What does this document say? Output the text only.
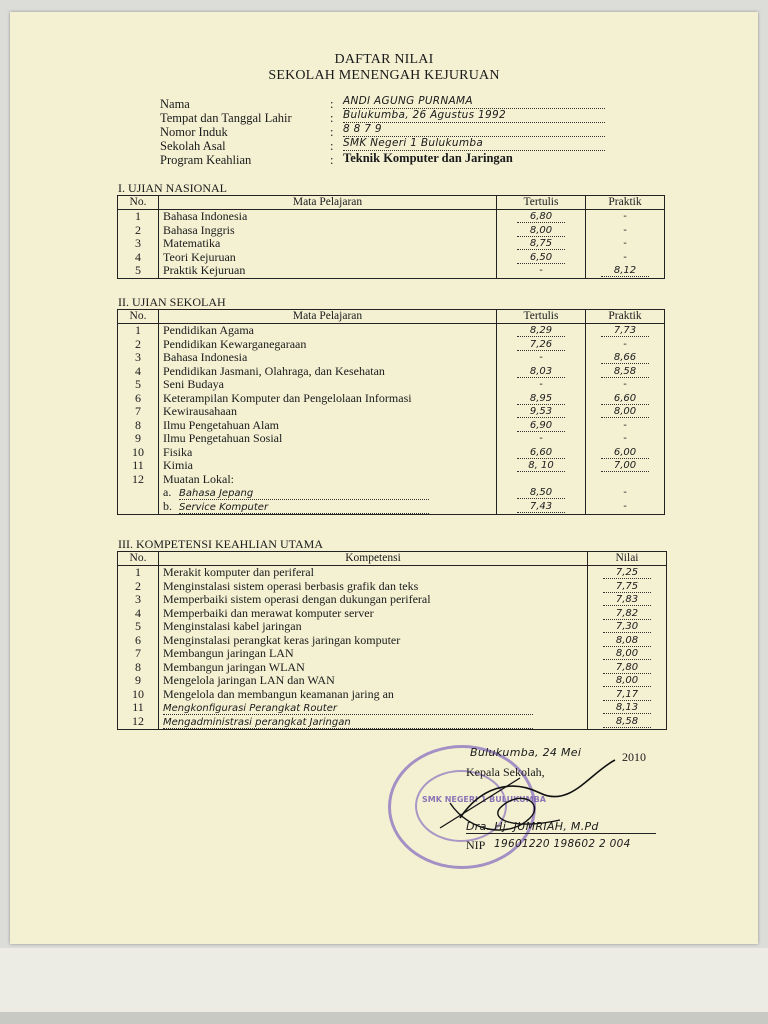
DAFTAR NILAI
SEKOLAH MENENGAH KEJURUAN
Nama	: ANDI AGUNG PURNAMA
Tempat dan Tanggal Lahir	: Bulukumba, 26 Agustus 1992
Nomor Induk	: 8 8 7 9
Sekolah Asal	: SMK Negeri 1 Bulukumba
Program Keahlian	: Teknik Komputer dan Jaringan
I. UJIAN NASIONAL
No.	Mata Pelajaran	Tertulis	Praktik
1	Bahasa Indonesia	6,80	-
2	Bahasa Inggris	8,00	-
3	Matematika	8,75	-
4	Teori Kejuruan	6,50	-
5	Praktik Kejuruan	-	8,12
II. UJIAN SEKOLAH
No.	Mata Pelajaran	Tertulis	Praktik
1	Pendidikan Agama	8,29	7,73
2	Pendidikan Kewarganegaraan	7,26	-
3	Bahasa Indonesia	-	8,66
4	Pendidikan Jasmani, Olahraga, dan Kesehatan	8,03	8,58
5	Seni Budaya	-	-
6	Keterampilan Komputer dan Pengelolaan Informasi	8,95	6,60
7	Kewirausahaan	9,53	8,00
8	Ilmu Pengetahuan Alam	6,90	-
9	Ilmu Pengetahuan Sosial	-	-
10	Fisika	6,60	6,00
11	Kimia	8, 10	7,00
12	Muatan Lokal:		
	a. Bahasa Jepang	8,50	-
	b. Service Komputer	7,43	-
III. KOMPETENSI KEAHLIAN UTAMA
No.	Kompetensi	Nilai
1	Merakit komputer dan periferal	7,25
2	Menginstalasi sistem operasi berbasis grafik dan teks	7,75
3	Memperbaiki sistem operasi dengan dukungan periferal	7,83
4	Memperbaiki dan merawat komputer server	7,82
5	Menginstalasi kabel jaringan	7,30
6	Menginstalasi perangkat keras jaringan komputer	8,08
7	Membangun jaringan LAN	8,00
8	Membangun jaringan WLAN	7,80
9	Mengelola jaringan LAN dan WAN	8,00
10	Mengelola dan membangun keamanan jaring an	7,17
11	Mengkonfigurasi Perangkat Router	8,13
12	Mengadministrasi perangkat Jaringan	8,58
SMK NEGERI 1 BULUKUMBA
Bulukumba, 24 Mei	2010
Kepala Sekolah,
Dra. Hj. JUMRIAH, M.Pd
NIP 19601220 198602 2 004
